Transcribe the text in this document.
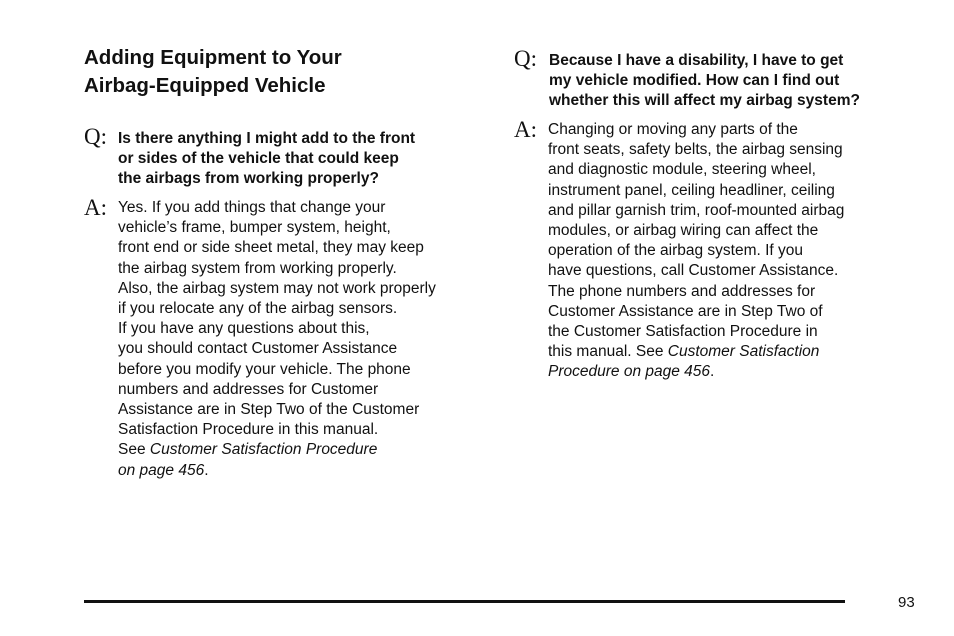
Adding Equipment to Your
Airbag-Equipped Vehicle
Q: Is there anything I might add to the front
or sides of the vehicle that could keep
the airbags from working properly?
A: Yes. If you add things that change your
vehicle’s frame, bumper system, height,
front end or side sheet metal, they may keep
the airbag system from working properly.
Also, the airbag system may not work properly
if you relocate any of the airbag sensors.
If you have any questions about this,
you should contact Customer Assistance
before you modify your vehicle. The phone
numbers and addresses for Customer
Assistance are in Step Two of the Customer
Satisfaction Procedure in this manual.
See Customer Satisfaction Procedure
on page 456.
Q: Because I have a disability, I have to get
my vehicle modified. How can I find out
whether this will affect my airbag system?
A: Changing or moving any parts of the
front seats, safety belts, the airbag sensing
and diagnostic module, steering wheel,
instrument panel, ceiling headliner, ceiling
and pillar garnish trim, roof-mounted airbag
modules, or airbag wiring can affect the
operation of the airbag system. If you
have questions, call Customer Assistance.
The phone numbers and addresses for
Customer Assistance are in Step Two of
the Customer Satisfaction Procedure in
this manual. See Customer Satisfaction
Procedure on page 456.
93
